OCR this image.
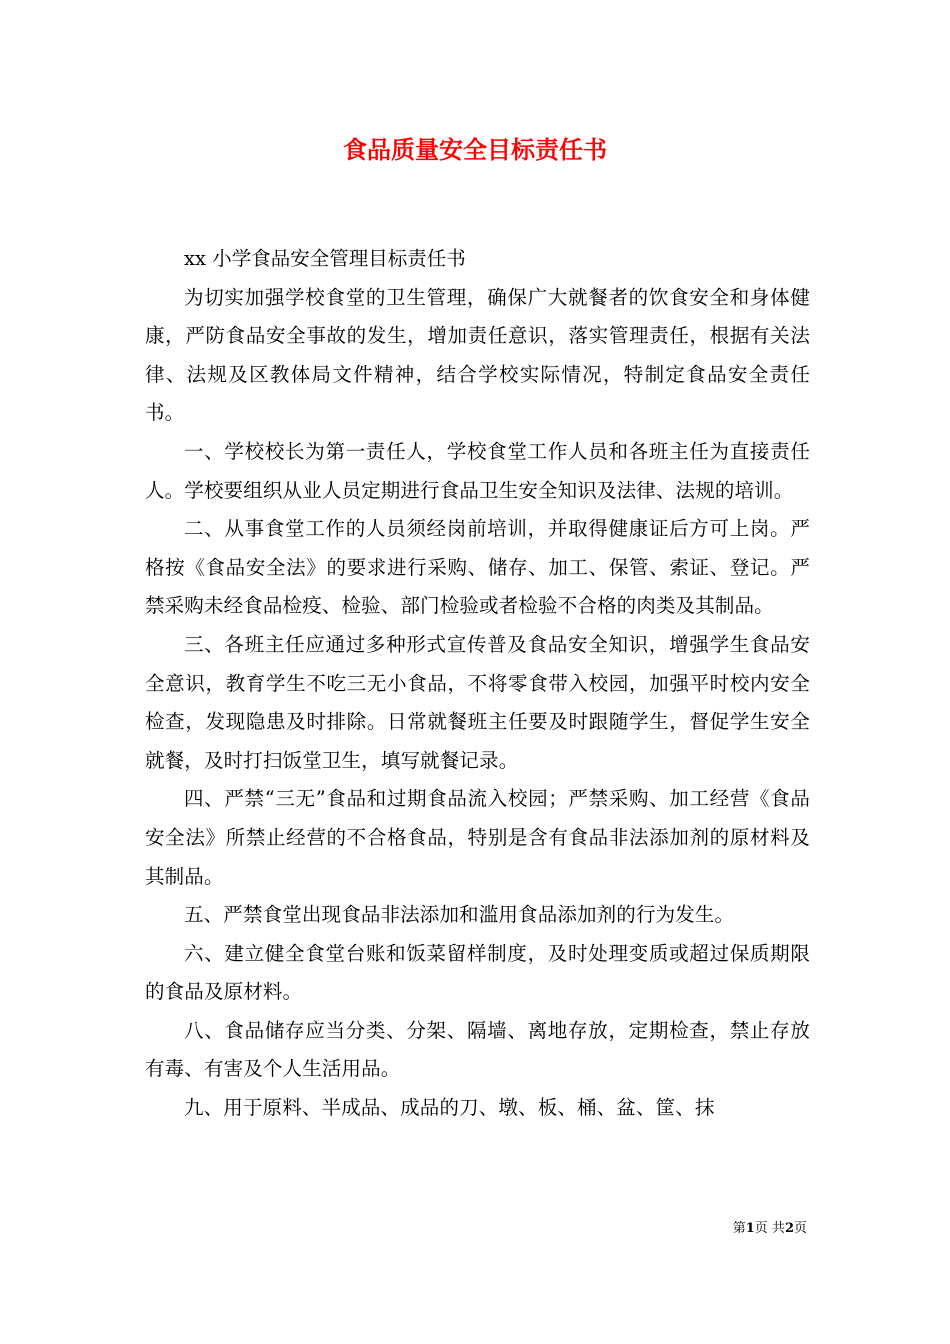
食品质量安全目标责任书

xx 小学食品安全管理目标责任书

为切实加强学校食堂的卫生管理，确保广大就餐者的饮食安全和身体健康，严防食品安全事故的发生，增加责任意识，落实管理责任，根据有关法律、法规及区教体局文件精神，结合学校实际情况，特制定食品安全责任书。

一、学校校长为第一责任人，学校食堂工作人员和各班主任为直接责任人。学校要组织从业人员定期进行食品卫生安全知识及法律、法规的培训。

二、从事食堂工作的人员须经岗前培训，并取得健康证后方可上岗。严格按《食品安全法》的要求进行采购、储存、加工、保管、索证、登记。严禁采购未经食品检疫、检验、部门检验或者检验不合格的肉类及其制品。

三、各班主任应通过多种形式宣传普及食品安全知识，增强学生食品安全意识，教育学生不吃三无小食品，不将零食带入校园，加强平时校内安全检查，发现隐患及时排除。日常就餐班主任要及时跟随学生，督促学生安全就餐，及时打扫饭堂卫生，填写就餐记录。

四、严禁“三无”食品和过期食品流入校园；严禁采购、加工经营《食品安全法》所禁止经营的不合格食品，特别是含有食品非法添加剂的原材料及其制品。

五、严禁食堂出现食品非法添加和滥用食品添加剂的行为发生。

六、建立健全食堂台账和饭菜留样制度，及时处理变质或超过保质期限的食品及原材料。

八、食品储存应当分类、分架、隔墙、离地存放，定期检查，禁止存放有毒、有害及个人生活用品。

九、用于原料、半成品、成品的刀、墩、板、桶、盆、筐、抹

第1页 共2页
